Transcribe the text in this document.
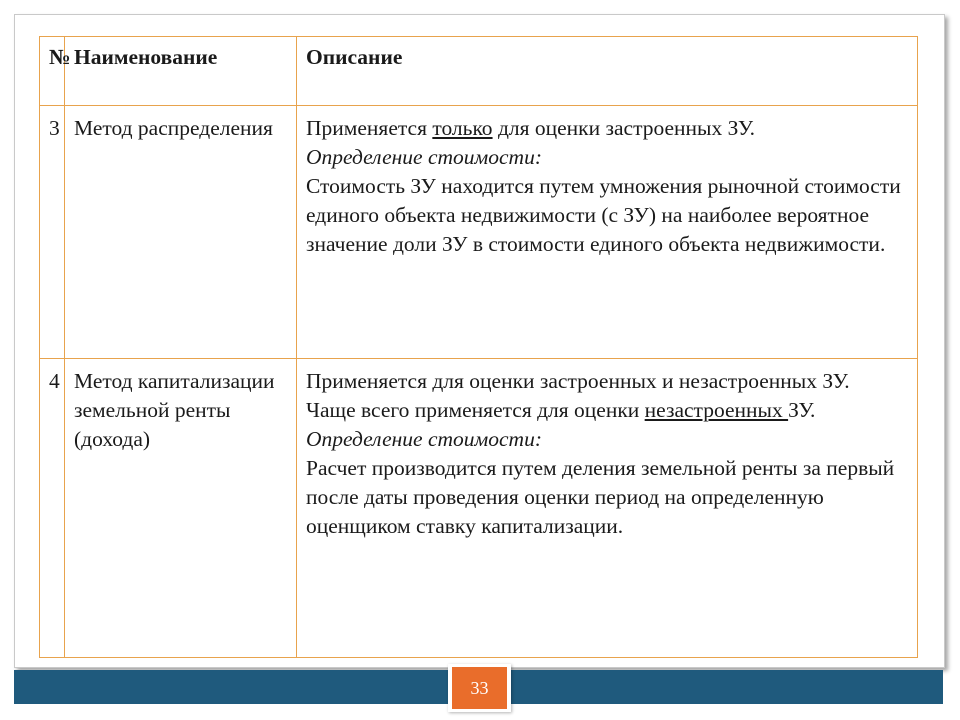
№	Наименование	Описание
3	Метод распределения	Применяется только для оценки застроенных ЗУ.
Определение стоимости:
Стоимость ЗУ находится путем умножения рыночной стоимости единого объекта недвижимости (с ЗУ) на наиболее вероятное значение доли ЗУ в стоимости единого объекта недвижимости.

4	Метод капитализации земельной ренты (дохода)	Применяется для оценки застроенных и незастроенных ЗУ.
Чаще всего применяется для оценки незастроенных ЗУ.
Определение стоимости:
Расчет производится путем деления земельной ренты за первый после даты проведения оценки период на определенную оценщиком ставку капитализации.
33
